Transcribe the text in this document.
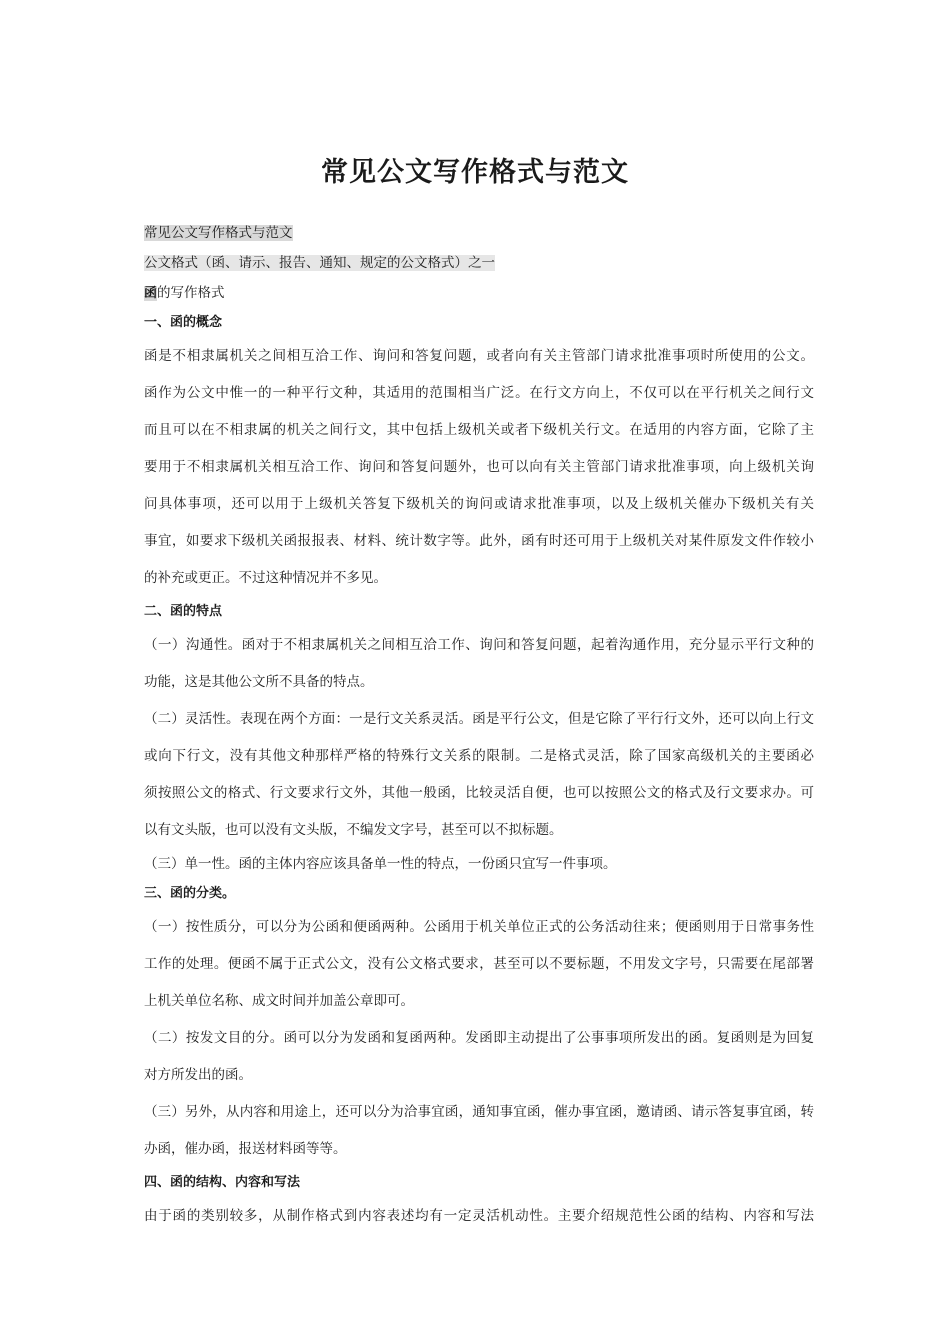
常见公文写作格式与范文
常见公文写作格式与范文
公文格式（函、请示、报告、通知、规定的公文格式）之一
函的写作格式
一、函的概念
函是不相隶属机关之间相互洽工作、询问和答复问题，或者向有关主管部门请求批准事项时所使用的公文。
函作为公文中惟一的一种平行文种，其适用的范围相当广泛。在行文方向上，不仅可以在平行机关之间行文
而且可以在不相隶属的机关之间行文，其中包括上级机关或者下级机关行文。在适用的内容方面，它除了主
要用于不相隶属机关相互洽工作、询问和答复问题外，也可以向有关主管部门请求批准事项，向上级机关询
问具体事项，还可以用于上级机关答复下级机关的询问或请求批准事项，以及上级机关催办下级机关有关
事宜，如要求下级机关函报报表、材料、统计数字等。此外，函有时还可用于上级机关对某件原发文件作较小
的补充或更正。不过这种情况并不多见。
二、函的特点
（一）沟通性。函对于不相隶属机关之间相互洽工作、询问和答复问题，起着沟通作用，充分显示平行文种的
功能，这是其他公文所不具备的特点。
（二）灵活性。表现在两个方面：一是行文关系灵活。函是平行公文，但是它除了平行行文外，还可以向上行文
或向下行文，没有其他文种那样严格的特殊行文关系的限制。二是格式灵活，除了国家高级机关的主要函必
须按照公文的格式、行文要求行文外，其他一般函，比较灵活自便，也可以按照公文的格式及行文要求办。可
以有文头版，也可以没有文头版，不编发文字号，甚至可以不拟标题。
（三）单一性。函的主体内容应该具备单一性的特点，一份函只宜写一件事项。
三、函的分类。
（一）按性质分，可以分为公函和便函两种。公函用于机关单位正式的公务活动往来；便函则用于日常事务性
工作的处理。便函不属于正式公文，没有公文格式要求，甚至可以不要标题，不用发文字号，只需要在尾部署
上机关单位名称、成文时间并加盖公章即可。
（二）按发文目的分。函可以分为发函和复函两种。发函即主动提出了公事事项所发出的函。复函则是为回复
对方所发出的函。
（三）另外，从内容和用途上，还可以分为洽事宜函，通知事宜函，催办事宜函，邀请函、请示答复事宜函，转
办函，催办函，报送材料函等等。
四、函的结构、内容和写法
由于函的类别较多，从制作格式到内容表述均有一定灵活机动性。主要介绍规范性公函的结构、内容和写法
